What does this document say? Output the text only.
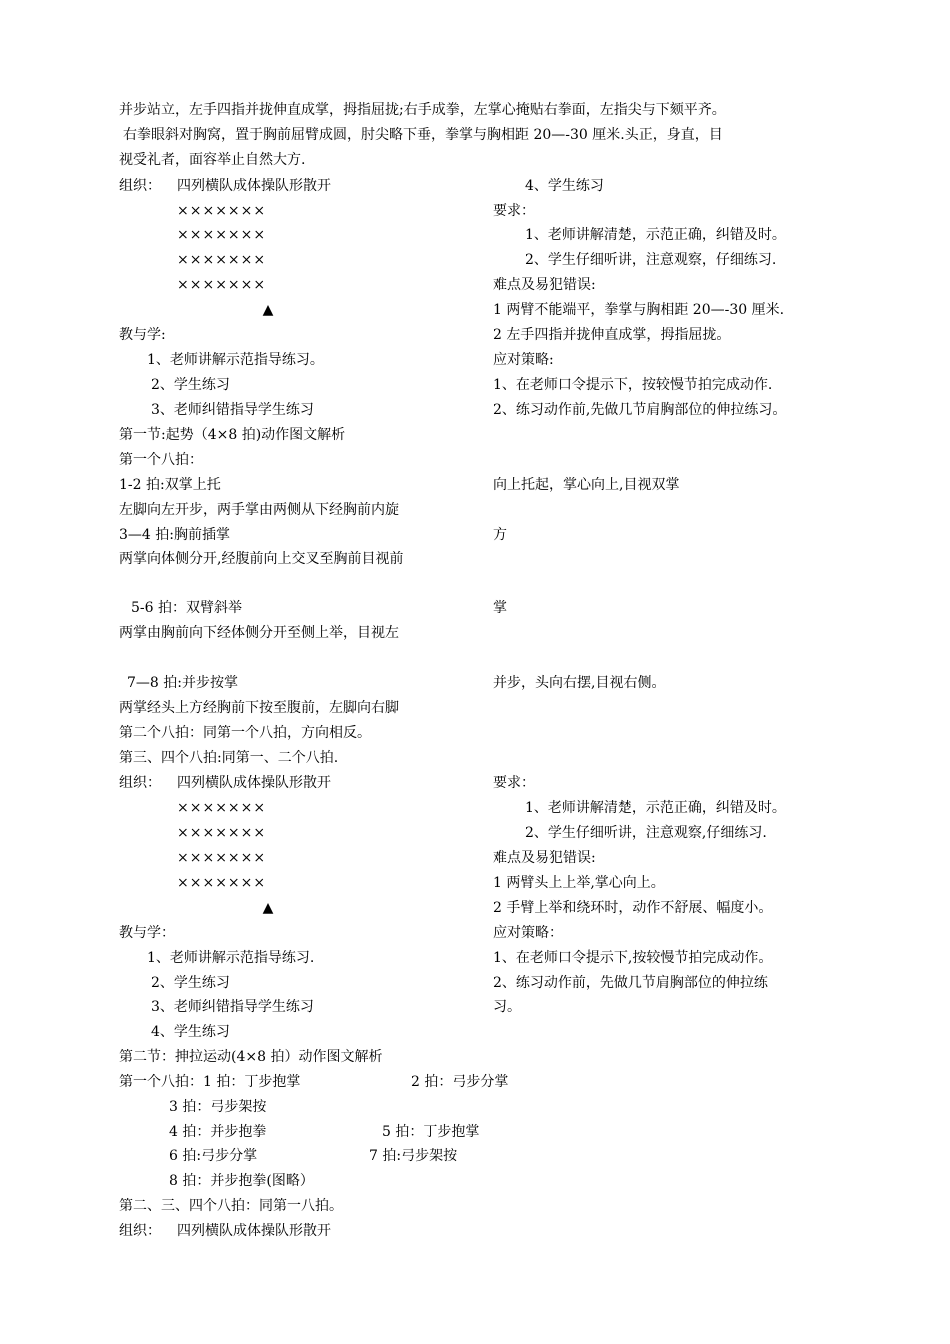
并步站立，左手四指并拢伸直成掌，拇指屈拢;右手成拳，左掌心掩贴右拳面，左指尖与下颏平齐。
右拳眼斜对胸窝，置于胸前屈臂成圆，肘尖略下垂，拳掌与胸相距 20—-30 厘米.头正，身直，目
视受礼者，面容举止自然大方.
组织： 四列横队成体操队形散开
×××××××
×××××××
×××××××
×××××××
▲
教与学:
1、老师讲解示范指导练习。
2、学生练习
3、老师纠错指导学生练习
4、学生练习
要求：
1、老师讲解清楚，示范正确，纠错及时。
2、学生仔细听讲，注意观察，仔细练习.
难点及易犯错误:
1 两臂不能端平，拳掌与胸相距 20—-30 厘米.
2 左手四指并拢伸直成掌，拇指屈拢。
应对策略:
1、在老师口令提示下，按较慢节拍完成动作.
2、练习动作前,先做几节肩胸部位的伸拉练习。
第一节:起势（4×8 拍)动作图文解析
第一个八拍：
1-2 拍:双掌上托	向上托起，掌心向上,目视双掌
左脚向左开步，两手掌由两侧从下经胸前内旋
3—4 拍:胸前插掌	方
两掌向体侧分开,经腹前向上交叉至胸前目视前
5-6 拍：双臂斜举	掌
两掌由胸前向下经体侧分开至侧上举，目视左
7—8 拍:并步按掌	并步，头向右摆,目视右侧。
两掌经头上方经胸前下按至腹前，左脚向右脚
第二个八拍：同第一个八拍，方向相反。
第三、四个八拍:同第一、二个八拍.
组织： 四列横队成体操队形散开
×××××××
×××××××
×××××××
×××××××
▲
教与学：
1、老师讲解示范指导练习.
2、学生练习
3、老师纠错指导学生练习
4、学生练习
要求：
1、老师讲解清楚，示范正确，纠错及时。
2、学生仔细听讲，注意观察,仔细练习.
难点及易犯错误:
1 两臂头上上举,掌心向上。
2 手臂上举和绕环时，动作不舒展、幅度小。
应对策略：
1、在老师口令提示下,按较慢节拍完成动作。
2、练习动作前，先做几节肩胸部位的伸拉练
习。
第二节：抻拉运动(4×8 拍）动作图文解析
第一个八拍：1 拍：丁步抱掌	2 拍：弓步分掌
3 拍：弓步架按
4 拍：并步抱拳	5 拍：丁步抱掌
6 拍:弓步分掌	7 拍:弓步架按
8 拍：并步抱拳(图略）
第二、三、四个八拍：同第一八拍。
组织： 四列横队成体操队形散开
